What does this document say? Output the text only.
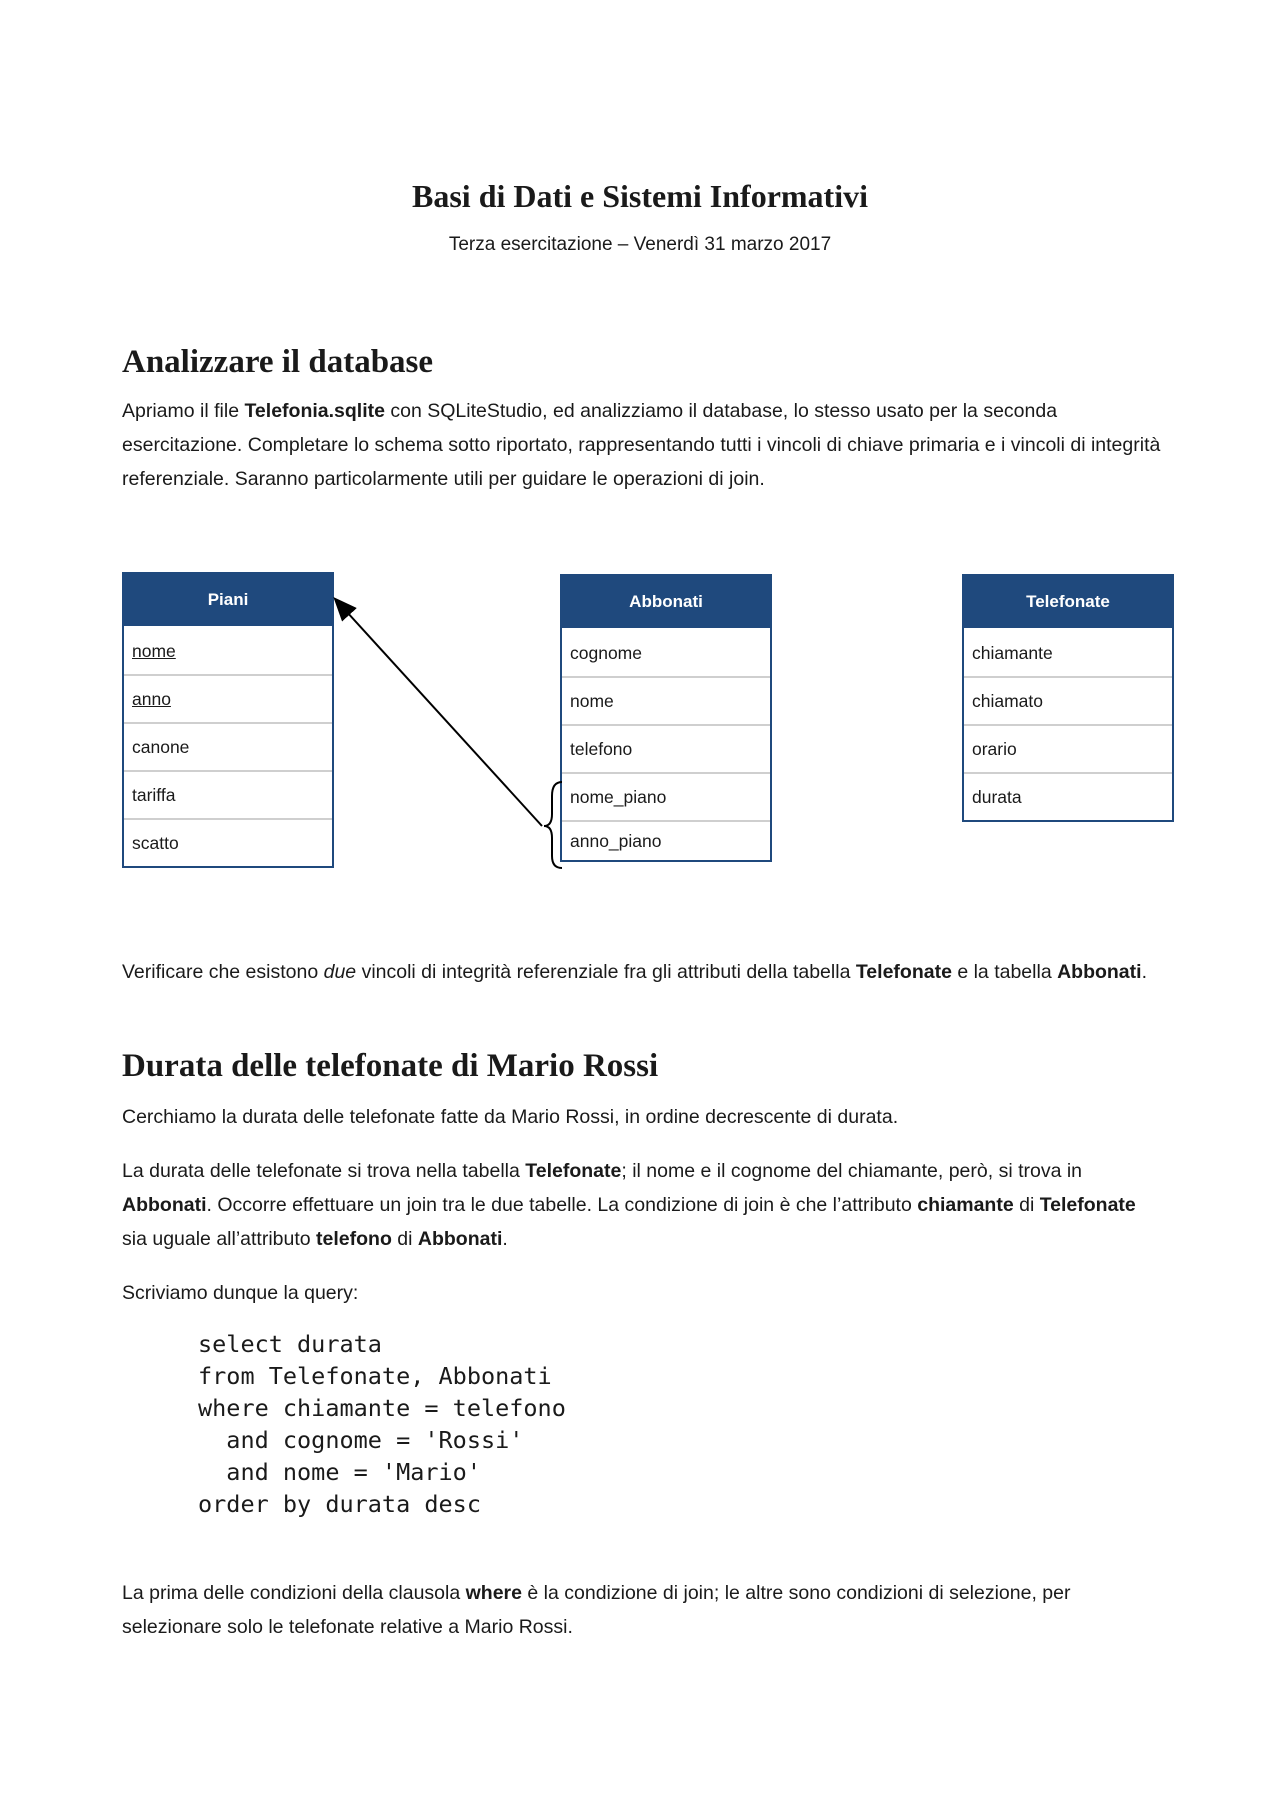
Basi di Dati e Sistemi Informativi
Terza esercitazione – Venerdì 31 marzo 2017
Analizzare il database

Apriamo il file Telefonia.sqlite con SQLiteStudio, ed analizziamo il database, lo stesso usato per la seconda esercitazione. Completare lo schema sotto riportato, rappresentando tutti i vincoli di chiave primaria e i vincoli di integrità referenziale. Saranno particolarmente utili per guidare le operazioni di join.

Piani
nome
anno
canone
tariffa
scatto
Abbonati
cognome
nome
telefono
nome_piano
anno_piano
Telefonate
chiamante
chiamato
orario
durata

Verificare che esistono due vincoli di integrità referenziale fra gli attributi della tabella Telefonate e la tabella Abbonati.

Durata delle telefonate di Mario Rossi

Cerchiamo la durata delle telefonate fatte da Mario Rossi, in ordine decrescente di durata.

La durata delle telefonate si trova nella tabella Telefonate; il nome e il cognome del chiamante, però, si trova in Abbonati. Occorre effettuare un join tra le due tabelle. La condizione di join è che l’attributo chiamante di Telefonate sia uguale all’attributo telefono di Abbonati.

Scriviamo dunque la query:

select durata
from Telefonate, Abbonati
where chiamante = telefono
and cognome = 'Rossi'
and nome = 'Mario'
order by durata desc

La prima delle condizioni della clausola where è la condizione di join; le altre sono condizioni di selezione, per selezionare solo le telefonate relative a Mario Rossi.
